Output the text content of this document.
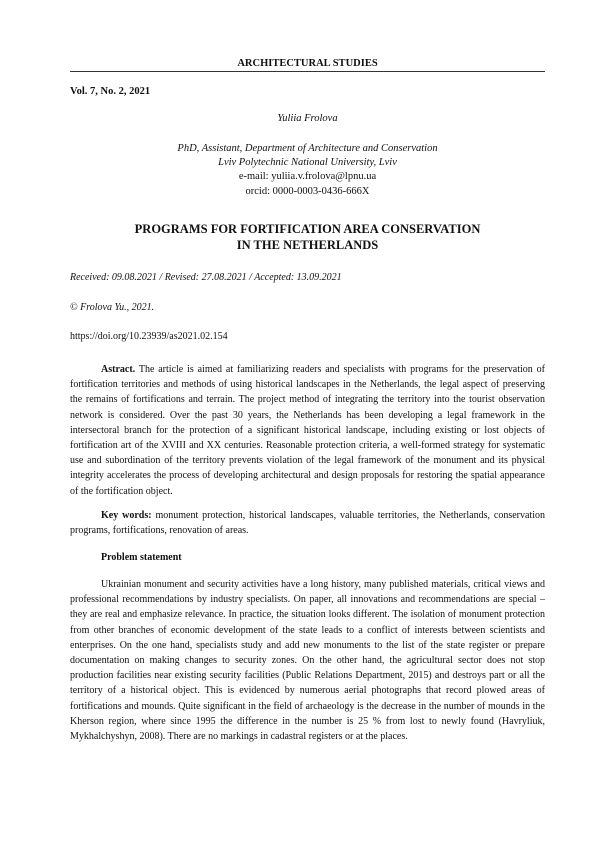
ARCHITECTURAL STUDIES
Vol. 7, No. 2, 2021
Yuliia Frolova
PhD, Assistant, Department of Architecture and Conservation
Lviv Polytechnic National University, Lviv
e-mail: yuliia.v.frolova@lpnu.ua
orcid: 0000-0003-0436-666X
PROGRAMS FOR FORTIFICATION AREA CONSERVATION
IN THE NETHERLANDS
Received: 09.08.2021 / Revised: 27.08.2021 / Accepted: 13.09.2021
© Frolova Yu., 2021.
https://doi.org/10.23939/as2021.02.154

Astract. The article is aimed at familiarizing readers and specialists with programs for the preservation of fortification territories and methods of using historical landscapes in the Netherlands, the legal aspect of preserving the remains of fortifications and terrain. The project method of integrating the territory into the tourist observation network is considered. Over the past 30 years, the Netherlands has been developing a legal framework in the intersectoral branch for the protection of a significant historical landscape, including existing or lost objects of fortification art of the XVIII and XX centuries. Reasonable protection criteria, a well-formed strategy for systematic use and subordination of the territory prevents violation of the legal framework of the monument and its physical integrity accelerates the process of developing architectural and design proposals for restoring the spatial appearance of the fortification object.

Key words: monument protection, historical landscapes, valuable territories, the Netherlands, conservation programs, fortifications, renovation of areas.

Problem statement

Ukrainian monument and security activities have a long history, many published materials, critical views and professional recommendations by industry specialists. On paper, all innovations and recommendations are special – they are real and emphasize relevance. In practice, the situation looks different. The isolation of monument protection from other branches of economic development of the state leads to a conflict of interests between scientists and enterprises. On the one hand, specialists study and add new monuments to the list of the state register or prepare documentation on making changes to security zones. On the other hand, the agricultural sector does not stop production facilities near existing security facilities (Public Relations Department, 2015) and destroys part or all the territory of a historical object. This is evidenced by numerous aerial photographs that record plowed areas of fortifications and mounds. Quite significant in the field of archaeology is the decrease in the number of mounds in the Kherson region, where since 1995 the difference in the number is 25 % from lost to newly found (Havryliuk, Mykhalchyshyn, 2008). There are no markings in cadastral registers or at the places.
